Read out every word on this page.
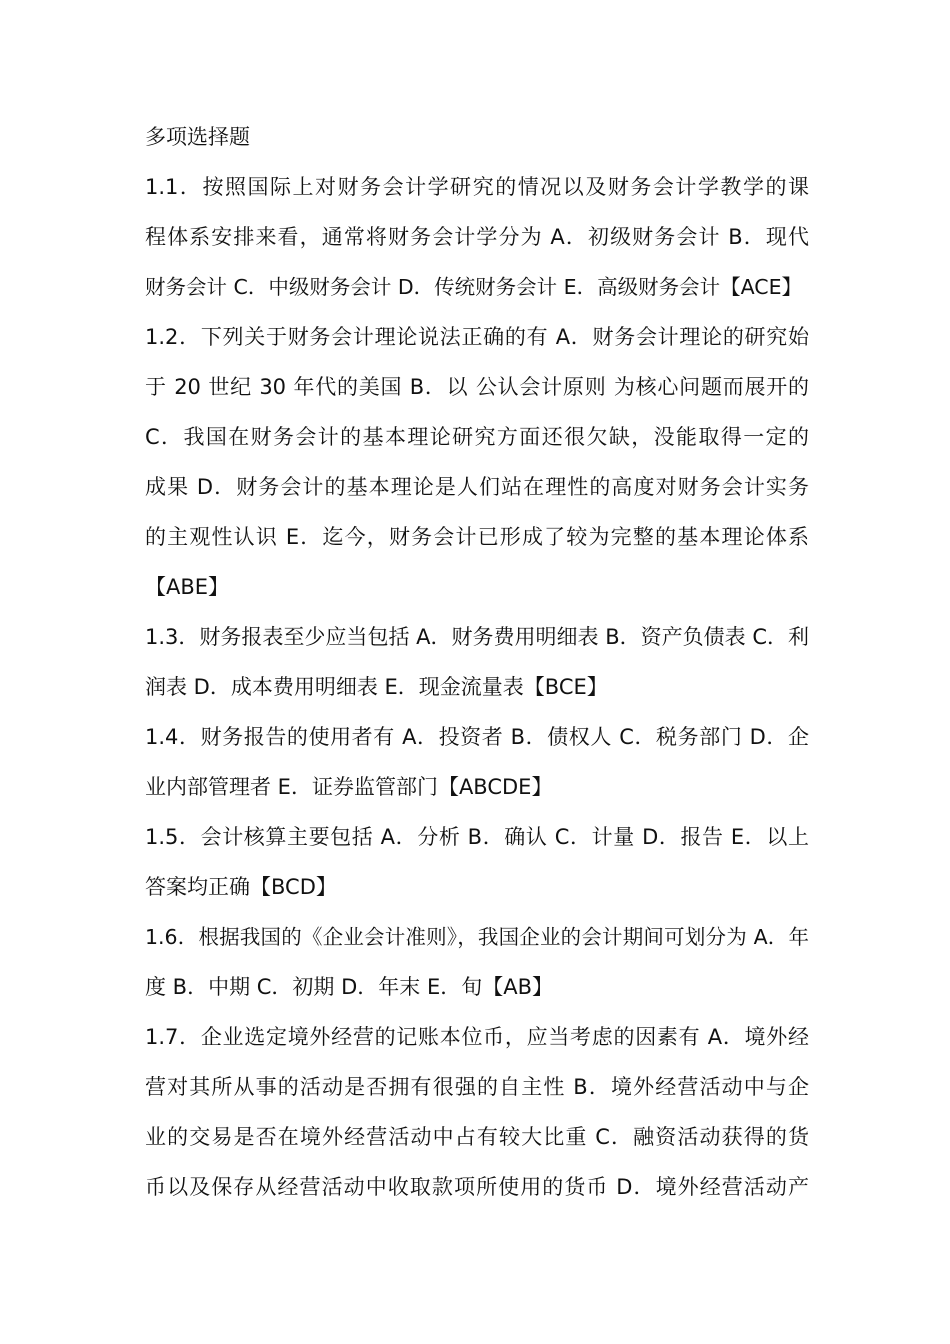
多项选择题
1.1．按照国际上对财务会计学研究的情况以及财务会计学教学的课
程体系安排来看，通常将财务会计学分为 A．初级财务会计 B．现代
财务会计 C．中级财务会计 D．传统财务会计 E．高级财务会计【ACE】
1.2．下列关于财务会计理论说法正确的有 A．财务会计理论的研究始
于 20 世纪 30 年代的美国 B．以 公认会计原则 为核心问题而展开的
C．我国在财务会计的基本理论研究方面还很欠缺，没能取得一定的
成果 D．财务会计的基本理论是人们站在理性的高度对财务会计实务
的主观性认识 E．迄今，财务会计已形成了较为完整的基本理论体系
【ABE】
1.3．财务报表至少应当包括 A．财务费用明细表 B．资产负债表 C．利
润表 D．成本费用明细表 E．现金流量表【BCE】
1.4．财务报告的使用者有 A．投资者 B．债权人 C．税务部门 D．企
业内部管理者 E．证券监管部门【ABCDE】
1.5．会计核算主要包括 A．分析 B．确认 C．计量 D．报告 E．以上
答案均正确【BCD】
1.6．根据我国的《企业会计准则》，我国企业的会计期间可划分为 A．年
度 B．中期 C．初期 D．年末 E．旬【AB】
1.7．企业选定境外经营的记账本位币，应当考虑的因素有 A．境外经
营对其所从事的活动是否拥有很强的自主性 B．境外经营活动中与企
业的交易是否在境外经营活动中占有较大比重 C．融资活动获得的货
币以及保存从经营活动中收取款项所使用的货币 D．境外经营活动产
